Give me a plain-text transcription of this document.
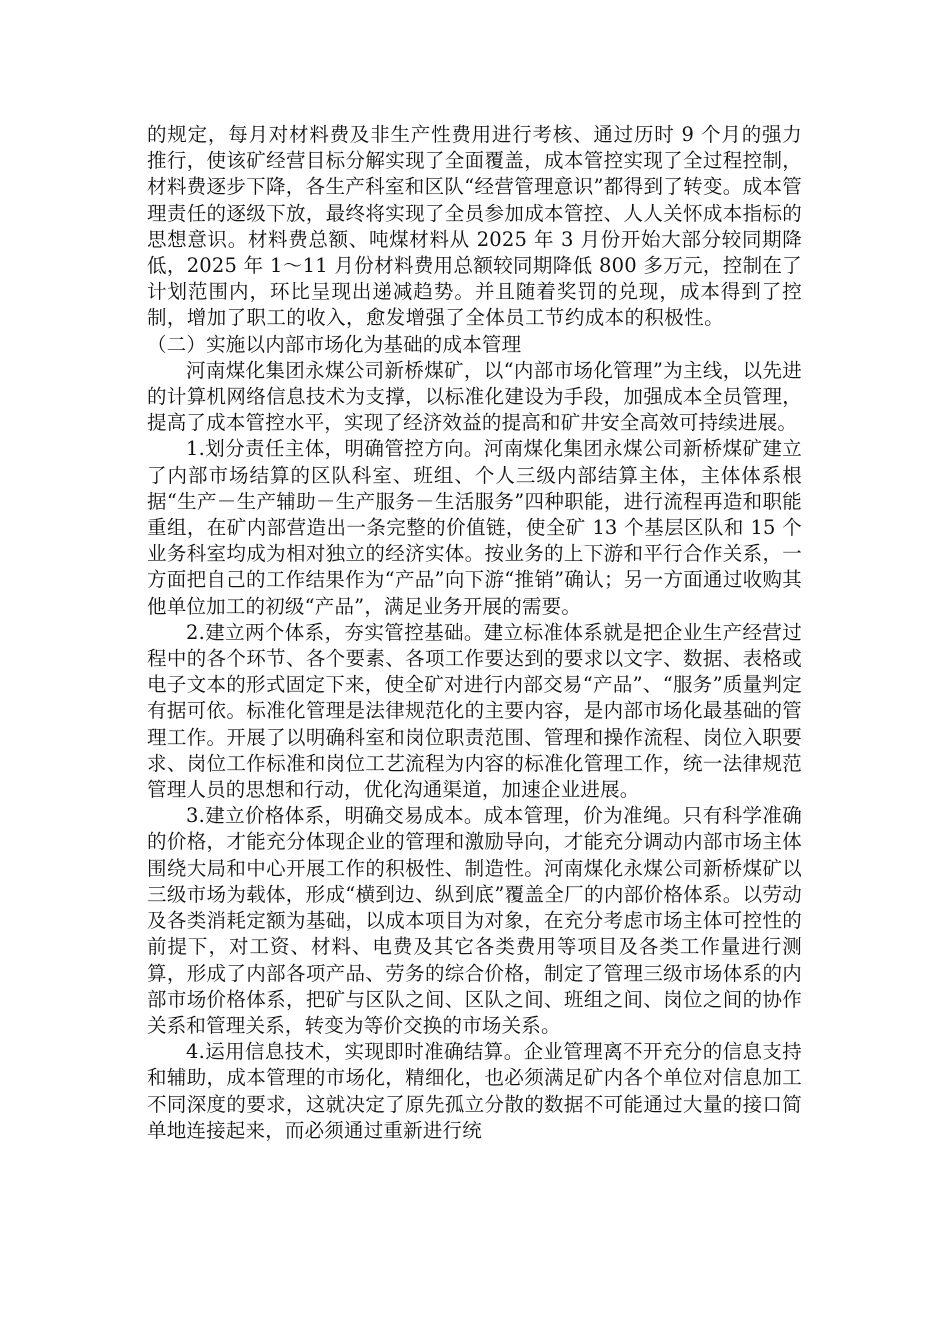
的规定，每月对材料费及非生产性费用进行考核、通过历时 9 个月的强力推行，使该矿经营目标分解实现了全面覆盖，成本管控实现了全过程控制，材料费逐步下降，各生产科室和区队“经营管理意识”都得到了转变。成本管理责任的逐级下放，最终将实现了全员参加成本管控、人人关怀成本指标的思想意识。材料费总额、吨煤材料从 2025 年 3 月份开始大部分较同期降低，2025 年 1～11 月份材料费用总额较同期降低 800 多万元，控制在了计划范围内，环比呈现出递减趋势。并且随着奖罚的兑现，成本得到了控制，增加了职工的收入，愈发增强了全体员工节约成本的积极性。（二）实施以内部市场化为基础的成本管理

河南煤化集团永煤公司新桥煤矿，以“内部市场化管理”为主线，以先进的计算机网络信息技术为支撑，以标准化建设为手段，加强成本全员管理，提高了成本管控水平，实现了经济效益的提高和矿井安全高效可持续进展。

1.划分责任主体，明确管控方向。河南煤化集团永煤公司新桥煤矿建立了内部市场结算的区队科室、班组、个人三级内部结算主体，主体体系根据“生产－生产辅助－生产服务－生活服务”四种职能，进行流程再造和职能重组，在矿内部营造出一条完整的价值链，使全矿 13 个基层区队和 15 个业务科室均成为相对独立的经济实体。按业务的上下游和平行合作关系，一方面把自己的工作结果作为“产品”向下游“推销”确认；另一方面通过收购其他单位加工的初级“产品”，满足业务开展的需要。

2.建立两个体系，夯实管控基础。建立标准体系就是把企业生产经营过程中的各个环节、各个要素、各项工作要达到的要求以文字、数据、表格或电子文本的形式固定下来，使全矿对进行内部交易“产品”、“服务”质量判定有据可依。标准化管理是法律规范化的主要内容，是内部市场化最基础的管理工作。开展了以明确科室和岗位职责范围、管理和操作流程、岗位入职要求、岗位工作标准和岗位工艺流程为内容的标准化管理工作，统一法律规范管理人员的思想和行动，优化沟通渠道，加速企业进展。

3.建立价格体系，明确交易成本。成本管理，价为准绳。只有科学准确的价格，才能充分体现企业的管理和激励导向，才能充分调动内部市场主体围绕大局和中心开展工作的积极性、制造性。河南煤化永煤公司新桥煤矿以三级市场为载体，形成“横到边、纵到底”覆盖全厂的内部价格体系。以劳动及各类消耗定额为基础，以成本项目为对象，在充分考虑市场主体可控性的前提下，对工资、材料、电费及其它各类费用等项目及各类工作量进行测算，形成了内部各项产品、劳务的综合价格，制定了管理三级市场体系的内部市场价格体系，把矿与区队之间、区队之间、班组之间、岗位之间的协作关系和管理关系，转变为等价交换的市场关系。

4.运用信息技术，实现即时准确结算。企业管理离不开充分的信息支持和辅助，成本管理的市场化，精细化，也必须满足矿内各个单位对信息加工不同深度的要求，这就决定了原先孤立分散的数据不可能通过大量的接口简单地连接起来，而必须通过重新进行统
